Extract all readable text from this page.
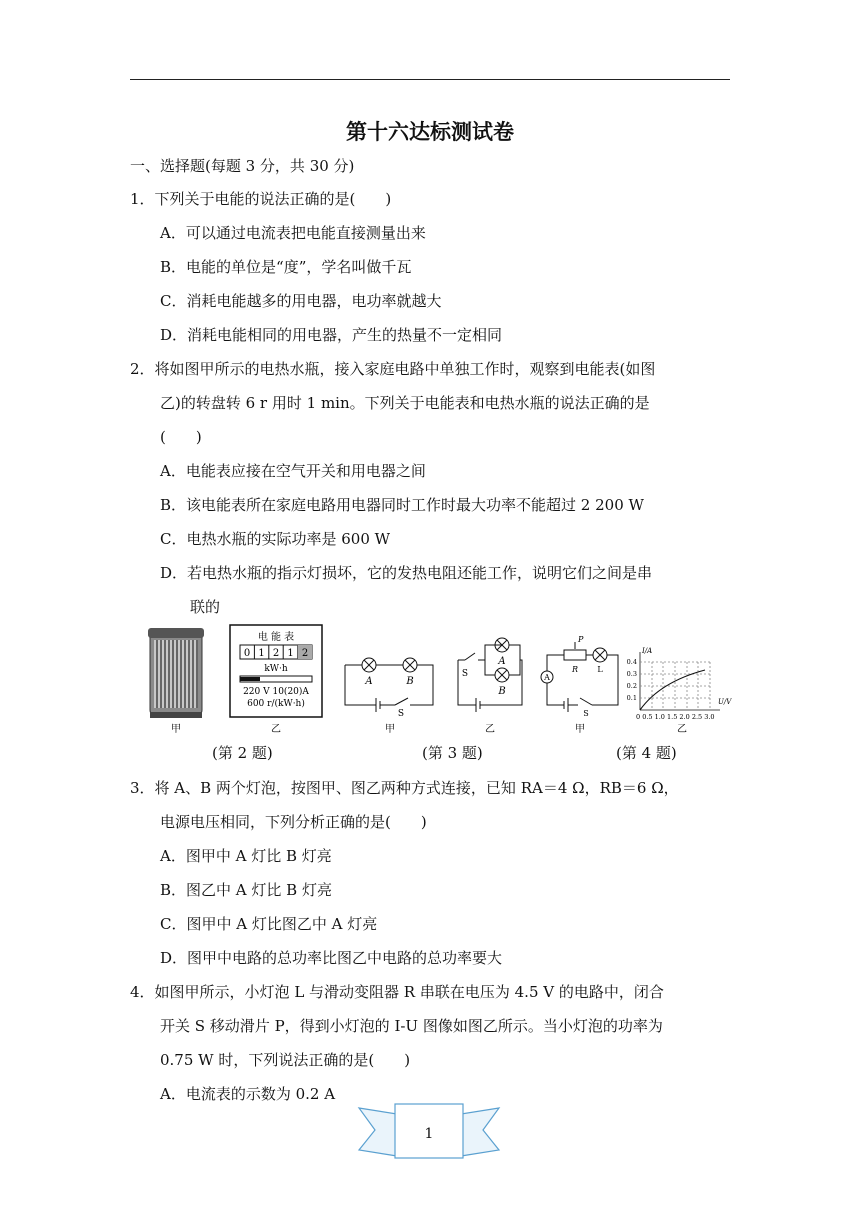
第十六达标测试卷
一、选择题(每题 3 分，共 30 分)
1．下列关于电能的说法正确的是(　　)
A．可以通过电流表把电能直接测量出来
B．电能的单位是“度”，学名叫做千瓦
C．消耗电能越多的用电器，电功率就越大
D．消耗电能相同的用电器，产生的热量不一定相同
2．将如图甲所示的电热水瓶，接入家庭电路中单独工作时，观察到电能表(如图
乙)的转盘转 6 r 用时 1 min。下列关于电能表和电热水瓶的说法正确的是
(　　)
A．电能表应接在空气开关和用电器之间
B．该电能表所在家庭电路用电器同时工作时最大功率不能超过 2 200 W
C．电热水瓶的实际功率是 600 W
D．若电热水瓶的指示灯损坏，它的发热电阻还能工作，说明它们之间是串
联的
甲
电 能 表
0 1 2 1 2
kW·h
220 V 10(20)A
600 r/(kW·h)
乙
A	B
S
甲
A
B
S
乙
A
P
R L
S
甲
I/A
U/V
0.4
0.3
0.2
0.1
0 0.5 1.0 1.5 2.0 2.5 3.0
乙
(第 2 题)	(第 3 题)	(第 4 题)
3．将 A、B 两个灯泡，按图甲、图乙两种方式连接，已知 RA＝4 Ω，RB＝6 Ω，
电源电压相同，下列分析正确的是(　　)
A．图甲中 A 灯比 B 灯亮
B．图乙中 A 灯比 B 灯亮
C．图甲中 A 灯比图乙中 A 灯亮
D．图甲中电路的总功率比图乙中电路的总功率要大
4．如图甲所示，小灯泡 L 与滑动变阻器 R 串联在电压为 4.5 V 的电路中，闭合
开关 S 移动滑片 P，得到小灯泡的 I-U 图像如图乙所示。当小灯泡的功率为
0.75 W 时，下列说法正确的是(　　)
A．电流表的示数为 0.2 A
1
